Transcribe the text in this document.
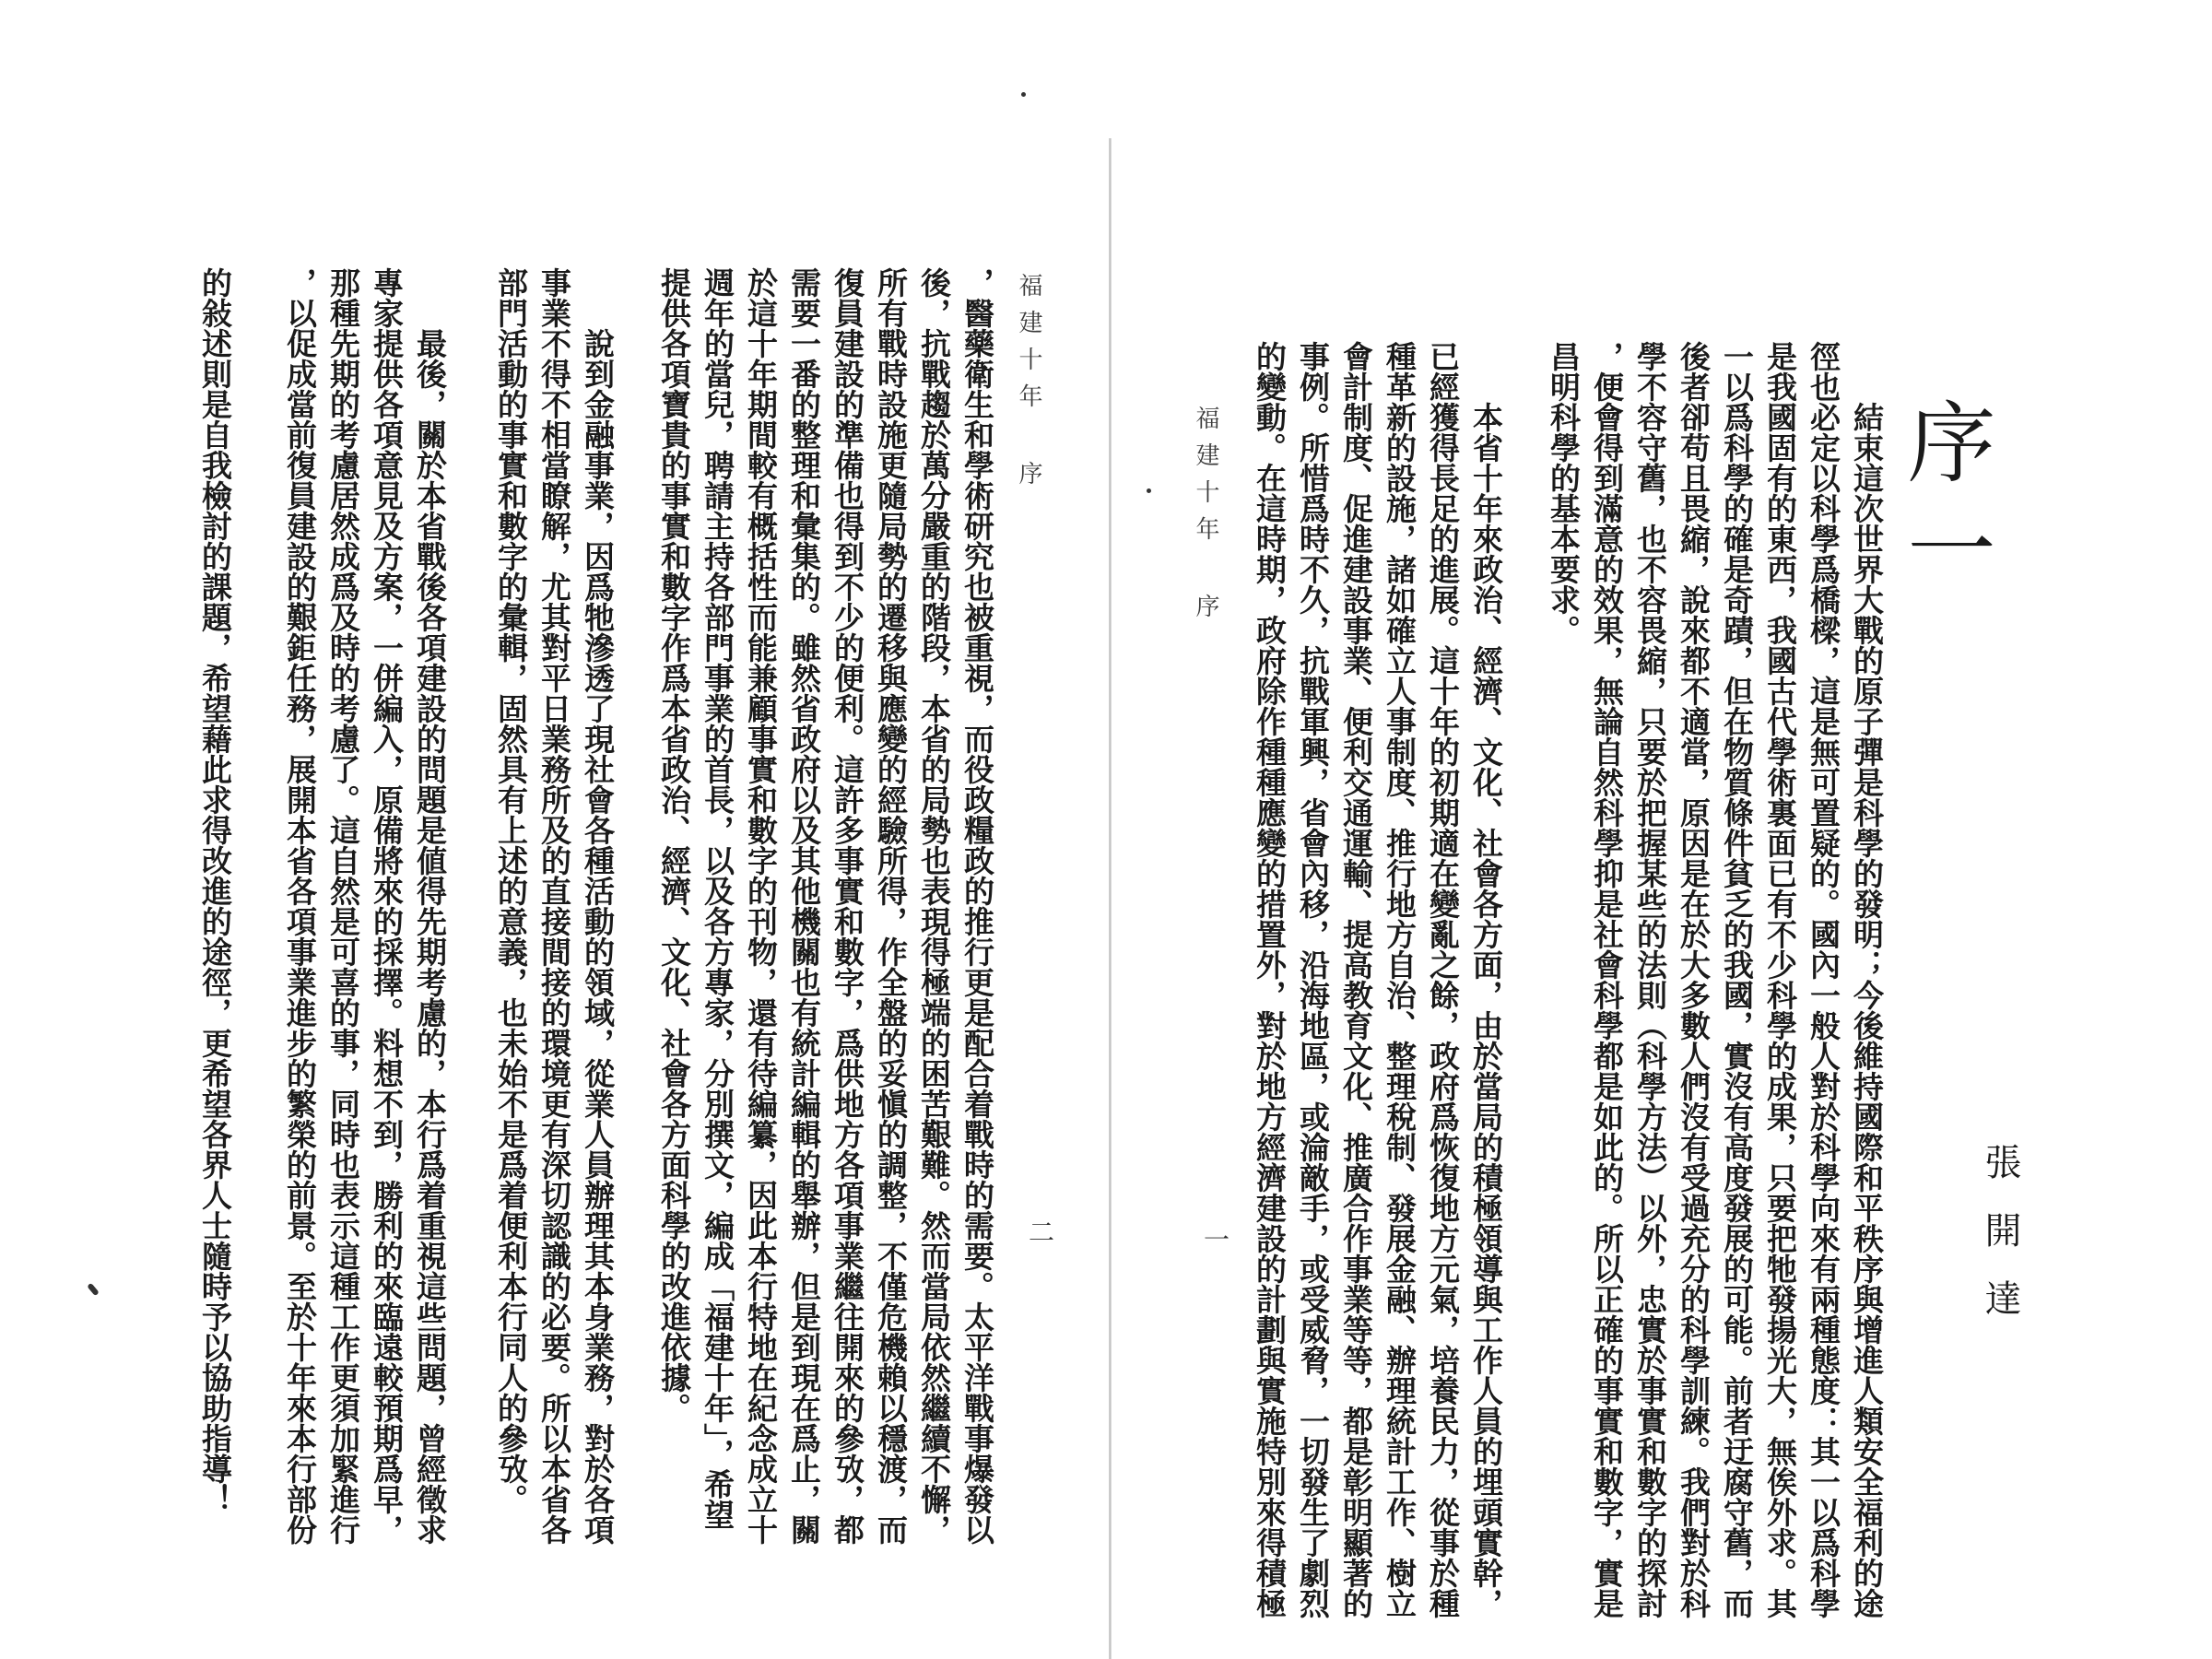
福建十年 序
二
，醫藥衛生和學術研究也被重視，而役政糧政的推行更是配合着戰時的需要。太平洋戰事爆發以
後，抗戰趨於萬分嚴重的階段，本省的局勢也表現得極端的困苦艱難。然而當局依然繼續不懈，
所有戰時設施更隨局勢的遷移與應變的經驗所得，作全盤的妥愼的調整，不僅危機賴以穩渡，而
復員建設的準備也得到不少的便利。這許多事實和數字，爲供地方各項事業繼往開來的參攷，都
需要一番的整理和彙集的。雖然省政府以及其他機關也有統計編輯的舉辦，但是到現在爲止，關
於這十年期間較有概括性而能兼顧事實和數字的刊物，還有待編纂，因此本行特地在紀念成立十
週年的當兒，聘請主持各部門事業的首長，以及各方專家，分別撰文，編成「福建十年」，希望
提供各項寶貴的事實和數字作爲本省政治、經濟、文化、社會各方面科學的改進依據。
　　說到金融事業，因爲牠滲透了現社會各種活動的領域，從業人員辦理其本身業務，對於各項
事業不得不相當瞭解，尤其對平日業務所及的直接間接的環境更有深切認識的必要。所以本省各
部門活動的事實和數字的彙輯，固然具有上述的意義，也未始不是爲着便利本行同人的參攷。
　　最後，關於本省戰後各項建設的問題是値得先期考慮的，本行爲着重視這些問題，曾經徵求
專家提供各項意見及方案，一併編入，原備將來的採擇。料想不到，勝利的來臨遠較預期爲早，
那種先期的考慮居然成爲及時的考慮了。這自然是可喜的事，同時也表示這種工作更須加緊進行
，以促成當前復員建設的艱鉅任務，展開本省各項事業進步的繁榮的前景。至於十年來本行部份
的敍述則是自我檢討的課題，希望藉此求得改進的途徑，更希望各界人士隨時予以協助指導！	序一
張開達
福建十年 序
一	　　結束這次世界大戰的原子彈是科學的發明；今後維持國際和平秩序與增進人類安全福利的途
徑也必定以科學爲橋樑，這是無可置疑的。國內一般人對於科學向來有兩種態度：其一以爲科學
是我國固有的東西，我國古代學術裏面已有不少科學的成果，只要把牠發揚光大，無俟外求。其
一以爲科學的確是奇蹟，但在物質條件貧乏的我國，實沒有高度發展的可能。前者迂腐守舊，而
後者卻苟且畏縮，說來都不適當，原因是在於大多數人們沒有受過充分的科學訓練。我們對於科
學不容守舊，也不容畏縮，只要於把握某些的法則（科學方法）以外，忠實於事實和數字的探討
，便會得到滿意的效果，無論自然科學抑是社會科學都是如此的。所以正確的事實和數字，實是
昌明科學的基本要求。
　　本省十年來政治、經濟、文化、社會各方面，由於當局的積極領導與工作人員的埋頭實幹，
已經獲得長足的進展。這十年的初期適在變亂之餘，政府爲恢復地方元氣，培養民力，從事於種
種革新的設施，諸如確立人事制度、推行地方自治、整理稅制、發展金融、辦理統計工作、樹立
會計制度、促進建設事業、便利交通運輸、提高教育文化、推廣合作事業等等，都是彰明顯著的
事例。所惜爲時不久，抗戰軍興，省會內移，沿海地區，或淪敵手，或受威脅，一切發生了劇烈
的變動。在這時期，政府除作種種應變的措置外，對於地方經濟建設的計劃與實施特別來得積極
